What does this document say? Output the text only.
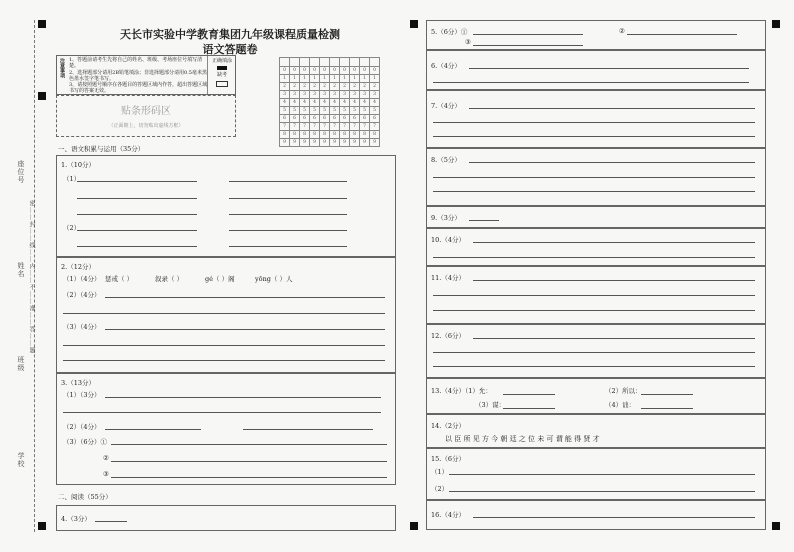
座位号
姓名
班级
学校
密……封……线……内……不……准……答……题
天长市实验中学教育集团九年级课程质量检测
语文答题卷
注意事项 1、答题前请考生先将自己的姓名、班级、考场座位号填写清楚。
2、选择题部分请用2B铅笔填涂；非选择题部分请用0.5毫米黑色墨水签字笔书写。
3、请按照题号顺序在各题目的答题区域内作答，超出答题区域书写的答案无效。
正确填涂
缺考
贴条形码区
（正面朝上，切勿贴出虚线方框）

0	0	0	0	0	0	0	0	0	0
1	1	1	1	1	1	1	1	1	1
2	2	2	2	2	2	2	2	2	2
3	3	3	3	3	3	3	3	3	3
4	4	4	4	4	4	4	4	4	4
5	5	5	5	5	5	5	5	5	5
6	6	6	6	6	6	6	6	6	6
7	7	7	7	7	7	7	7	7	7
8	8	8	8	8	8	8	8	8	8
9	9	9	9	9	9	9	9	9	9
一、语文积累与运用（35分）
1.（10分）
（1）
（2）
2.（12分）
（1）（4分） 惩戒（ ）	叙录（ ）	gé（ ）阁	yōng（ ）人
（2）（4分）
（3）（4分）
3.（13分）
（1）（3分）
（2）（4分）
（3）（6分）①
②
③
二、阅读（55分）
4.（3分）
5.（6分）①	②
③
6.（4分）
7.（4分）
8.（5分）
9.（3分）
10.（4分）
11.（4分）
12.（6分）
13.（4分）（1）允：	（2）所以：
（3）谋：	（4）诎：
14.（2分）
以 臣 所 见 方 今 朝 廷 之 位 未 可 谓 能 得 贤 才
15.（6分）
（1）
（2）
16.（4分）
